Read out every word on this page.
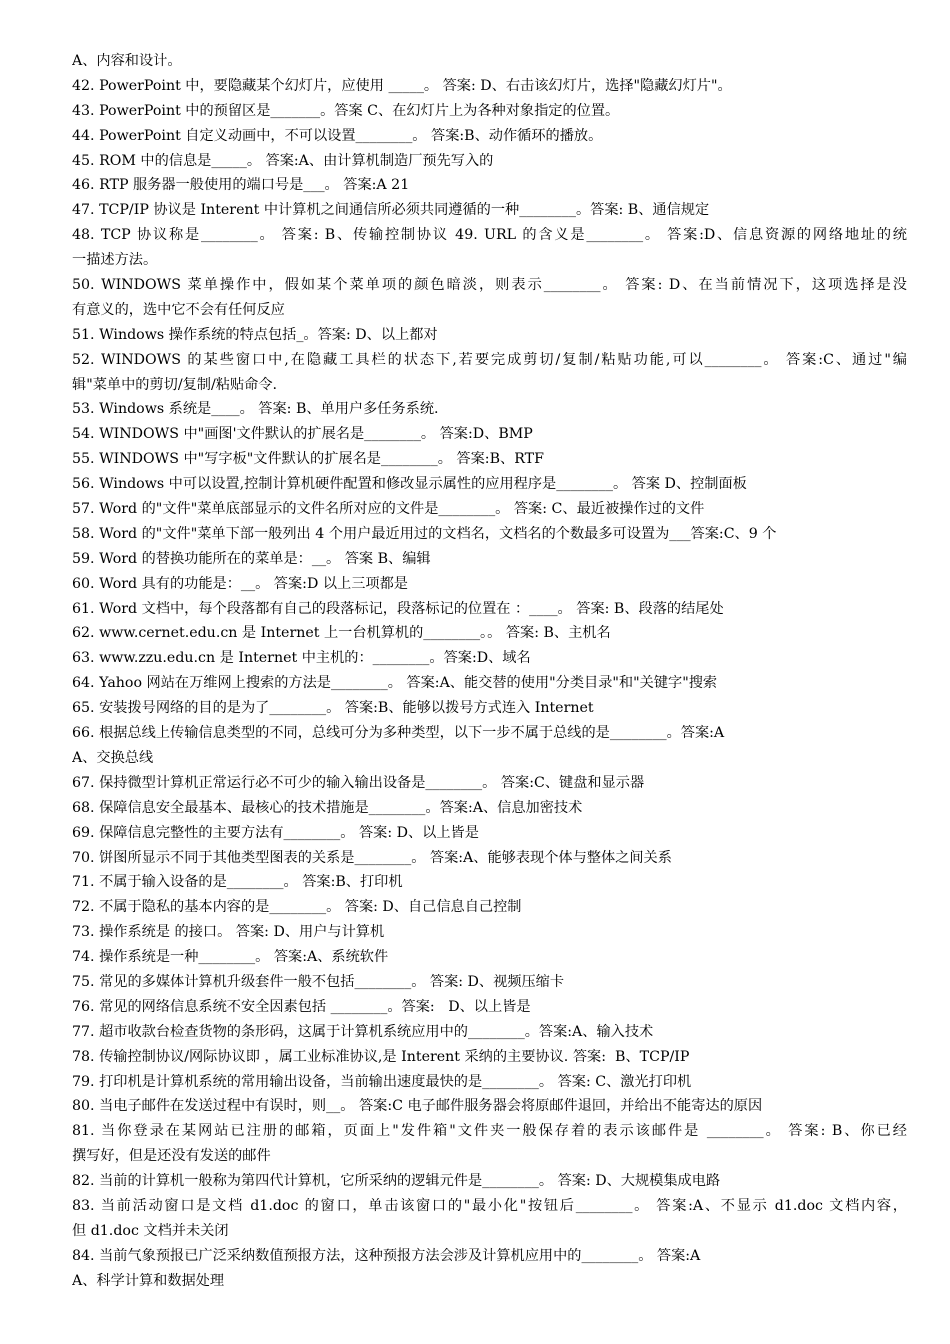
A、内容和设计。
42. PowerPoint 中，要隐藏某个幻灯片，应使用 _____。 答案: D、右击该幻灯片，选择"隐藏幻灯片"。
43. PowerPoint 中的预留区是_______。答案 C、在幻灯片上为各种对象指定的位置。
44. PowerPoint 自定义动画中，不可以设置________。 答案:B、动作循环的播放。
45. ROM 中的信息是_____。 答案:A、由计算机制造厂预先写入的
46. RTP 服务器一般使用的端口号是___。 答案:A 21
47. TCP/IP 协议是 Interent 中计算机之间通信所必须共同遵循的一种________。答案: B、通信规定
48. TCP 协议称是________。 答案: B、传输控制协议 49. URL 的含义是________。 答案:D、信息资源的网络地址的统
一描述方法。
50. WINDOWS 菜单操作中，假如某个菜单项的颜色暗淡，则表示________。 答案: D、在当前情况下，这项选择是没
有意义的，选中它不会有任何反应
51. Windows 操作系统的特点包括_。答案: D、以上都对
52. WINDOWS 的某些窗口中,在隐藏工具栏的状态下,若要完成剪切/复制/粘贴功能,可以________。 答案:C、通过"编
辑"菜单中的剪切/复制/粘贴命令.
53. Windows 系统是____。 答案: B、单用户多任务系统.
54. WINDOWS 中"画图'文件默认的扩展名是________。 答案:D、BMP
55. WINDOWS 中"写字板"文件默认的扩展名是________。 答案:B、RTF
56. Windows 中可以设置,控制计算机硬件配置和修改显示属性的应用程序是________。 答案 D、控制面板
57. Word 的"文件"菜单底部显示的文件名所对应的文件是________。 答案: C、最近被操作过的文件
58. Word 的"文件"菜单下部一般列出 4 个用户最近用过的文档名，文档名的个数最多可设置为___答案:C、9 个
59. Word 的替换功能所在的菜单是：__。 答案 B、编辑
60. Word 具有的功能是：__。 答案:D 以上三项都是
61. Word 文档中，每个段落都有自己的段落标记，段落标记的位置在 ：____。 答案: B、段落的结尾处
62. www.cernet.edu.cn 是 Internet 上一台机算机的________。。 答案: B、主机名
63. www.zzu.edu.cn 是 Internet 中主机的：________。答案:D、域名
64. Yahoo 网站在万维网上搜索的方法是________。 答案:A、能交替的使用"分类目录"和"关键字"搜索
65. 安装拨号网络的目的是为了________。 答案:B、能够以拨号方式连入 Internet
66. 根据总线上传输信息类型的不同，总线可分为多种类型，以下一步不属于总线的是________。答案:A
A、交换总线
67. 保持微型计算机正常运行必不可少的输入输出设备是________。 答案:C、键盘和显示器
68. 保障信息安全最基本、最核心的技术措施是________。答案:A、信息加密技术
69. 保障信息完整性的主要方法有________。 答案: D、以上皆是
70. 饼图所显示不同于其他类型图表的关系是________。 答案:A、能够表现个体与整体之间关系
71. 不属于输入设备的是________。 答案:B、打印机
72. 不属于隐私的基本内容的是________。 答案: D、自己信息自己控制
73. 操作系统是 的接口。 答案: D、用户与计算机
74. 操作系统是一种________。 答案:A、系统软件
75. 常见的多媒体计算机升级套件一般不包括________。 答案: D、视频压缩卡
76. 常见的网络信息系统不安全因素包括 ________。答案:   D、以上皆是
77. 超市收款台检查货物的条形码，这属于计算机系统应用中的________。答案:A、输入技术
78. 传输控制协议/网际协议即 ，属工业标准协议,是 Interent 采纳的主要协议. 答案:  B、TCP/IP
79. 打印机是计算机系统的常用输出设备，当前输出速度最快的是________。 答案: C、激光打印机
80. 当电子邮件在发送过程中有误时，则__。 答案:C 电子邮件服务器会将原邮件退回，并给出不能寄达的原因
81. 当你登录在某网站已注册的邮箱，页面上"发件箱"文件夹一般保存着的表示该邮件是 ________。 答案: B、你已经
撰写好，但是还没有发送的邮件
82. 当前的计算机一般称为第四代计算机，它所采纳的逻辑元件是________。 答案: D、大规模集成电路
83. 当前活动窗口是文档 d1.doc 的窗口，单击该窗口的"最小化"按钮后________。 答案:A、不显示 d1.doc 文档内容，
但 d1.doc 文档并未关闭
84. 当前气象预报已广泛采纳数值预报方法，这种预报方法会涉及计算机应用中的________。 答案:A
A、科学计算和数据处理
